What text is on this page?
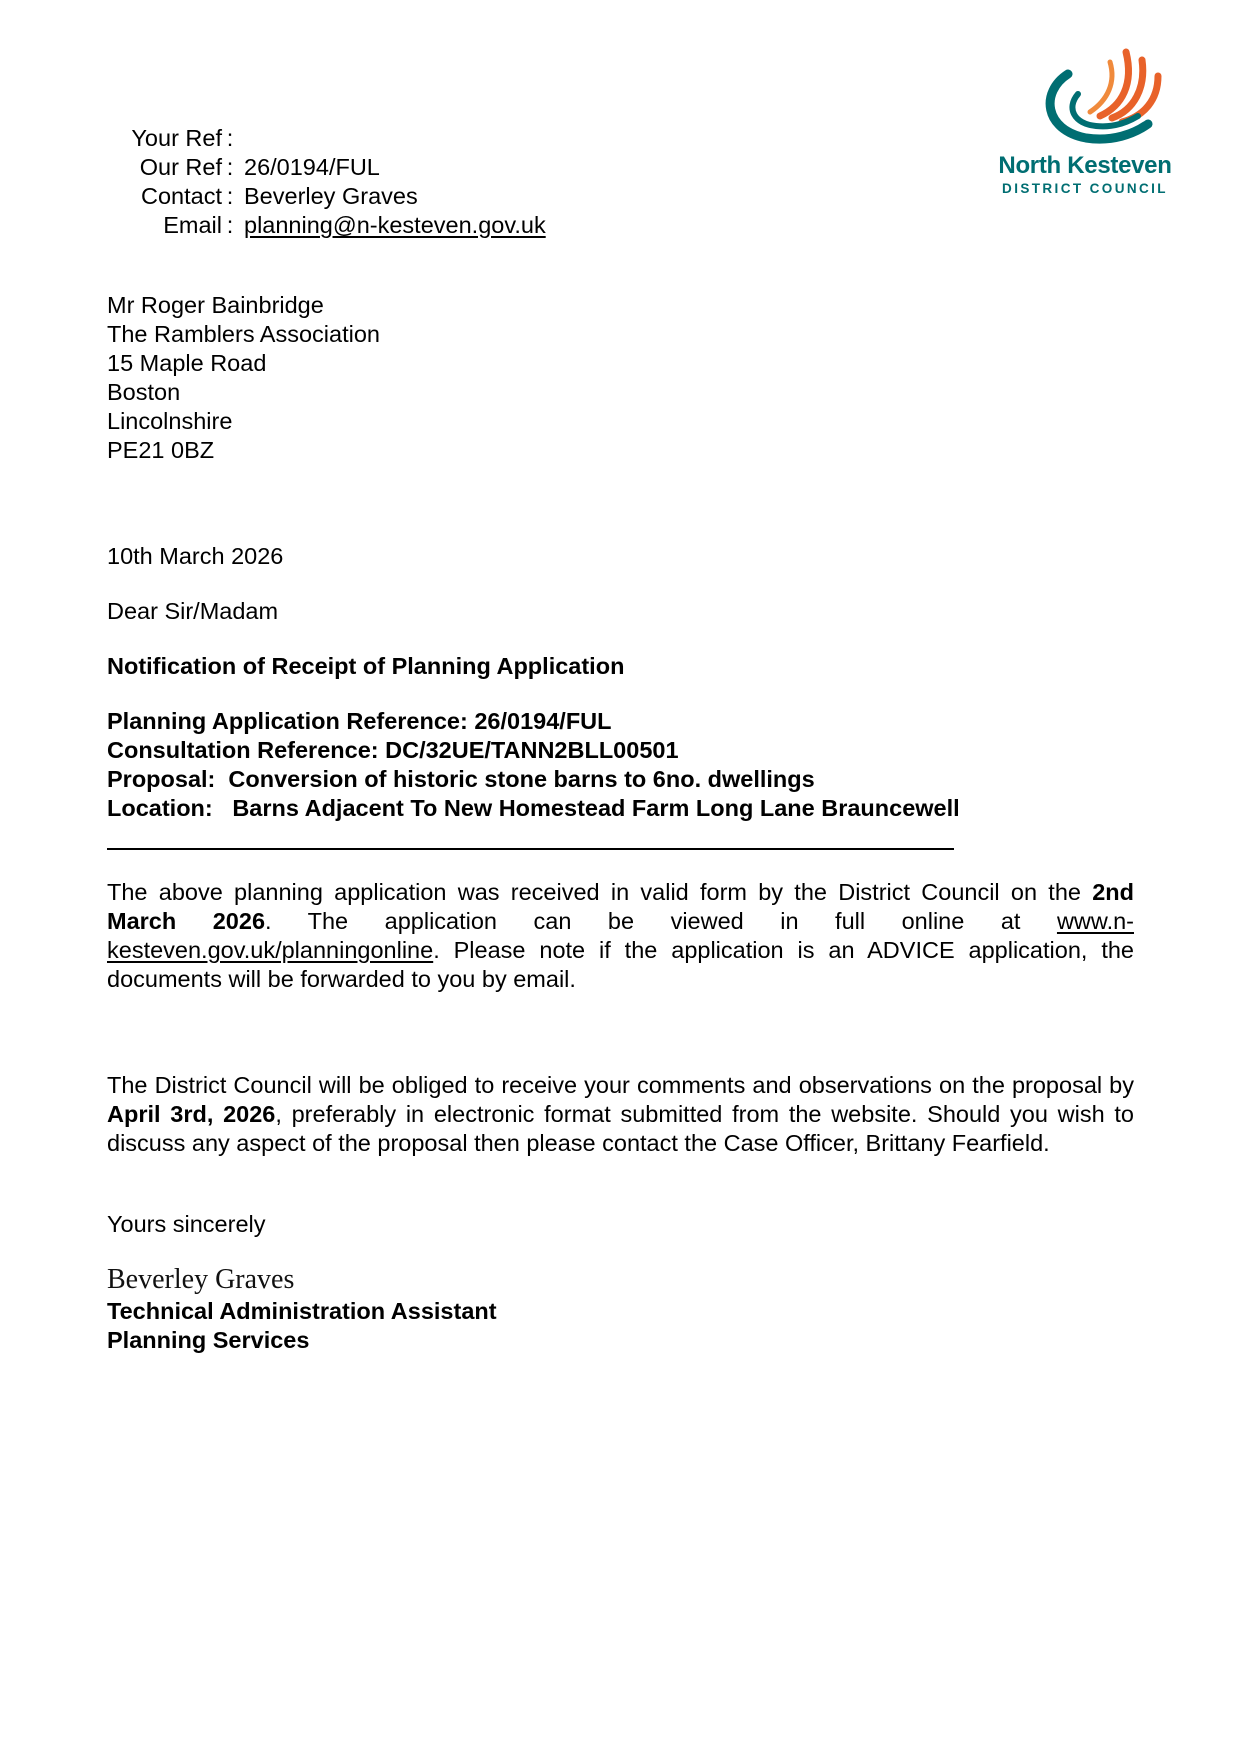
Your Ref :
Our Ref : 26/0194/FUL
Contact : Beverley Graves
Email : planning@n-kesteven.gov.uk
North Kesteven
DISTRICT COUNCIL
Mr Roger Bainbridge
The Ramblers Association
15 Maple Road
Boston
Lincolnshire
PE21 0BZ
10th March 2026
Dear Sir/Madam
Notification of Receipt of Planning Application
Planning Application Reference: 26/0194/FUL
Consultation Reference: DC/32UE/TANN2BLL00501
Proposal:  Conversion of historic stone barns to 6no. dwellings
Location:   Barns Adjacent To New Homestead Farm Long Lane Brauncewell
The above planning application was received in valid form by the District Council on the 2nd March 2026. The application can be viewed in full online at www.n-kesteven.gov.uk/planningonline. Please note if the application is an ADVICE application, the documents will be forwarded to you by email.
The District Council will be obliged to receive your comments and observations on the proposal by April 3rd, 2026, preferably in electronic format submitted from the website. Should you wish to discuss any aspect of the proposal then please contact the Case Officer, Brittany Fearfield.
Yours sincerely
Beverley Graves
Technical Administration Assistant
Planning Services
